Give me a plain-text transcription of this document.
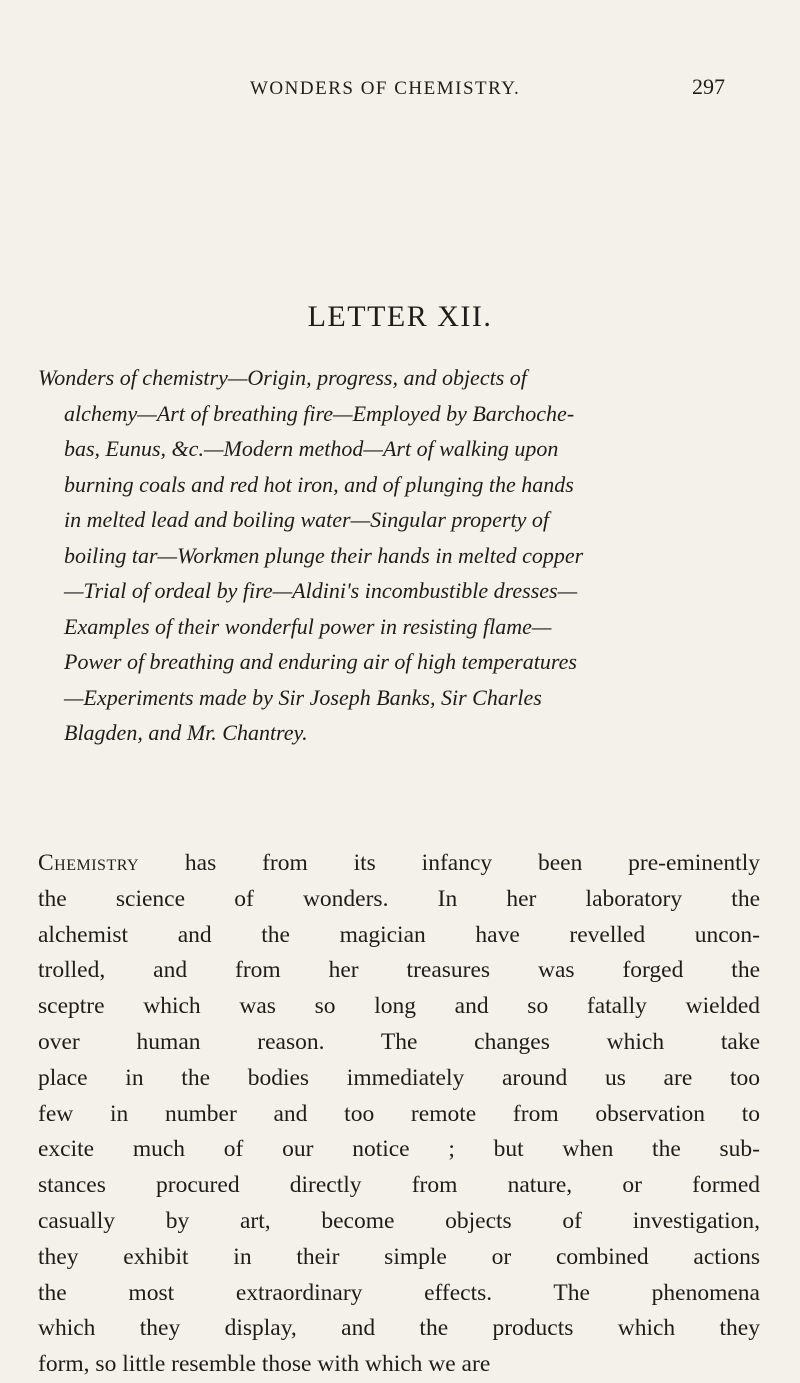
WONDERS OF CHEMISTRY.	297
LETTER XII.

Wonders of chemistry—Origin, progress, and objects of
alchemy—Art of breathing fire—Employed by Barchoche-
bas, Eunus, &c.—Modern method—Art of walking upon
burning coals and red hot iron, and of plunging the hands
in melted lead and boiling water—Singular property of
boiling tar—Workmen plunge their hands in melted copper
—Trial of ordeal by fire—Aldini's incombustible dresses—
Examples of their wonderful power in resisting flame—
Power of breathing and enduring air of high temperatures
—Experiments made by Sir Joseph Banks, Sir Charles
Blagden, and Mr. Chantrey.

Chemistry has from its infancy been pre-eminently
the science of wonders. In her laboratory the
alchemist and the magician have revelled uncon-
trolled, and from her treasures was forged the
sceptre which was so long and so fatally wielded
over human reason. The changes which take
place in the bodies immediately around us are too
few in number and too remote from observation to
excite much of our notice ; but when the sub-
stances procured directly from nature, or formed
casually by art, become objects of investigation,
they exhibit in their simple or combined actions
the most extraordinary effects. The phenomena
which they display, and the products which they
form, so little resemble those with which we are
